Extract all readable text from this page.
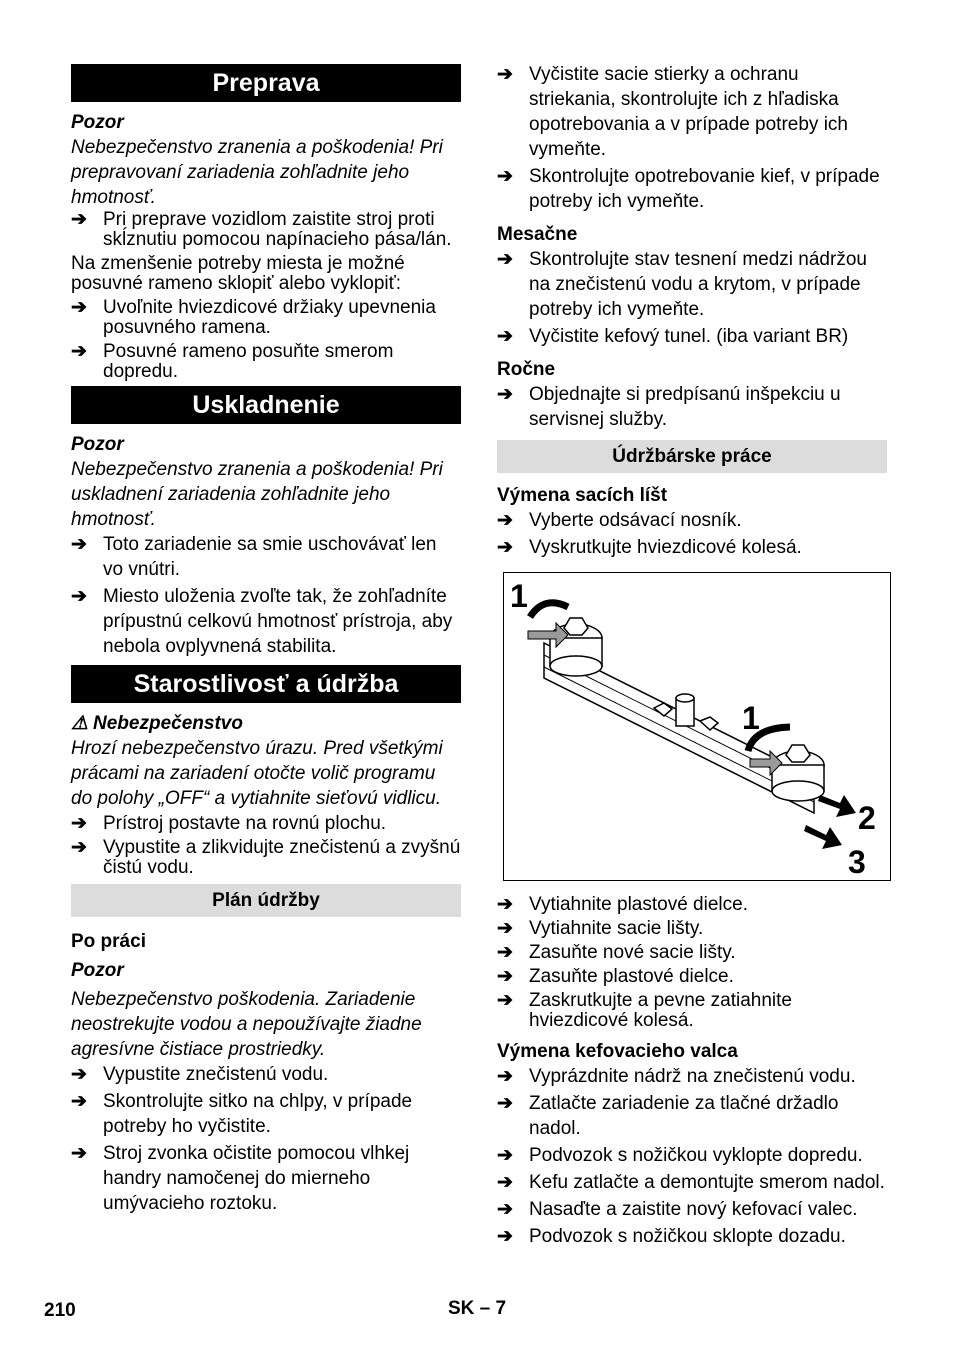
Preprava

Pozor

Nebezpečenstvo zranenia a poškodenia! Pri prepravovaní zariadenia zohľadnite jeho hmotnosť.

➔ Pri preprave vozidlom zaistite stroj proti skĺznutiu pomocou napínacieho pása/lán.

Na zmenšenie potreby miesta je možné posuvné rameno sklopiť alebo vyklopiť:

➔ Uvoľnite hviezdicové držiaky upevnenia posuvného ramena.
➔ Posuvné rameno posuňte smerom dopredu.
Uskladnenie

Pozor

Nebezpečenstvo zranenia a poškodenia! Pri uskladnení zariadenia zohľadnite jeho hmotnosť.

➔ Toto zariadenie sa smie uschovávať len vo vnútri.
➔ Miesto uloženia zvoľte tak, že zohľadníte prípustnú celkovú hmotnosť prístroja, aby nebola ovplyvnená stabilita.
Starostlivosť a údržba

⚠ Nebezpečenstvo

Hrozí nebezpečenstvo úrazu. Pred všetkými prácami na zariadení otočte volič programu do polohy „OFF“ a vytiahnite sieťovú vidlicu.

➔ Prístroj postavte na rovnú plochu.
➔ Vypustite a zlikvidujte znečistenú a zvyšnú čistú vodu.
Plán údržby

Po práci

Pozor

Nebezpečenstvo poškodenia. Zariadenie neostrekujte vodou a nepoužívajte žiadne agresívne čistiace prostriedky.

➔ Vypustite znečistenú vodu.
➔ Skontrolujte sitko na chlpy, v prípade potreby ho vyčistite.
➔ Stroj zvonka očistite pomocou vlhkej handry namočenej do mierneho umývacieho roztoku.
➔ Vyčistite sacie stierky a ochranu striekania, skontrolujte ich z hľadiska opotrebovania a v prípade potreby ich vymeňte.
➔ Skontrolujte opotrebovanie kief, v prípade potreby ich vymeňte.

Mesačne

➔ Skontrolujte stav tesnení medzi nádržou na znečistenú vodu a krytom, v prípade potreby ich vymeňte.
➔ Vyčistite kefový tunel. (iba variant BR)

Ročne

➔ Objednajte si predpísanú inšpekciu u servisnej služby.
Údržbárske práce

Výmena sacích líšt

➔ Vyberte odsávací nosník.
➔ Vyskrutkujte hviezdicové kolesá.
1
1
2
3
➔ Vytiahnite plastové dielce.
➔ Vytiahnite sacie lišty.
➔ Zasuňte nové sacie lišty.
➔ Zasuňte plastové dielce.
➔ Zaskrutkujte a pevne zatiahnite hviezdicové kolesá.

Výmena kefovacieho valca

➔ Vyprázdnite nádrž na znečistenú vodu.
➔ Zatlačte zariadenie za tlačné držadlo nadol.
➔ Podvozok s nožičkou vyklopte dopredu.
➔ Kefu zatlačte a demontujte smerom nadol.
➔ Nasaďte a zaistite nový kefovací valec.
➔ Podvozok s nožičkou sklopte dozadu.
210	SK – 7
